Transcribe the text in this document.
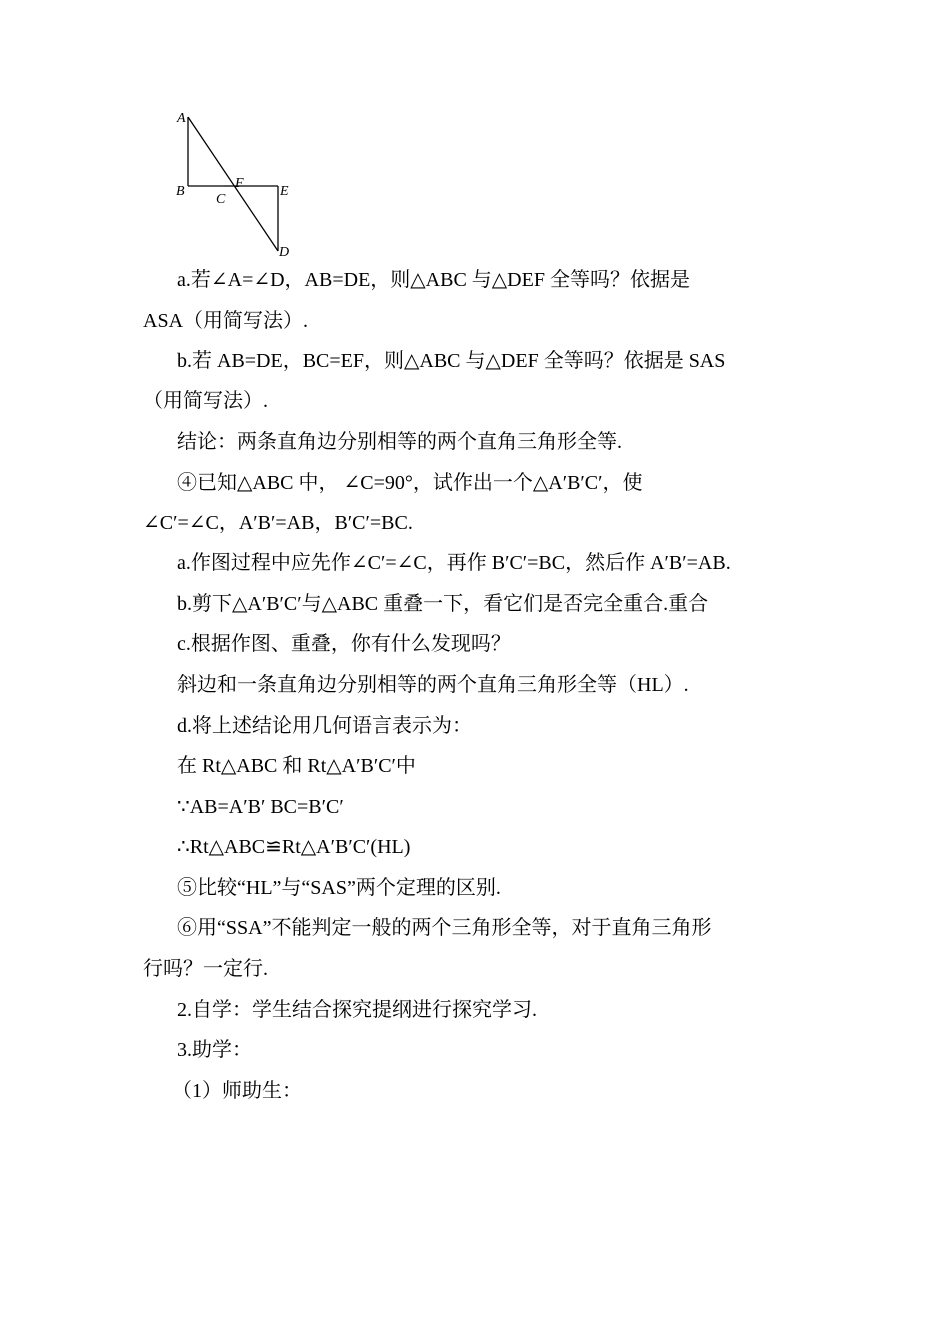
A
B
C
F
E
D
a.若∠A=∠D，AB=DE，则△ABC 与△DEF 全等吗？依据是
ASA（用简写法）.
b.若 AB=DE，BC=EF，则△ABC 与△DEF 全等吗？依据是 SAS
（用简写法）.
结论：两条直角边分别相等的两个直角三角形全等.
④已知△ABC 中， ∠C=90°，试作出一个△A′B′C′，使
∠C′=∠C，A′B′=AB，B′C′=BC.
a.作图过程中应先作∠C′=∠C，再作 B′C′=BC，然后作 A′B′=AB.
b.剪下△A′B′C′与△ABC 重叠一下，看它们是否完全重合.重合
c.根据作图、重叠，你有什么发现吗？
斜边和一条直角边分别相等的两个直角三角形全等（HL）.
d.将上述结论用几何语言表示为：
在 Rt△ABC 和 Rt△A′B′C′中
∵AB=A′B′ BC=B′C′
∴Rt△ABC≌Rt△A′B′C′(HL)
⑤比较“HL”与“SAS”两个定理的区别.
⑥用“SSA”不能判定一般的两个三角形全等，对于直角三角形
行吗？一定行.
2.自学：学生结合探究提纲进行探究学习.
3.助学：
（1）师助生：
